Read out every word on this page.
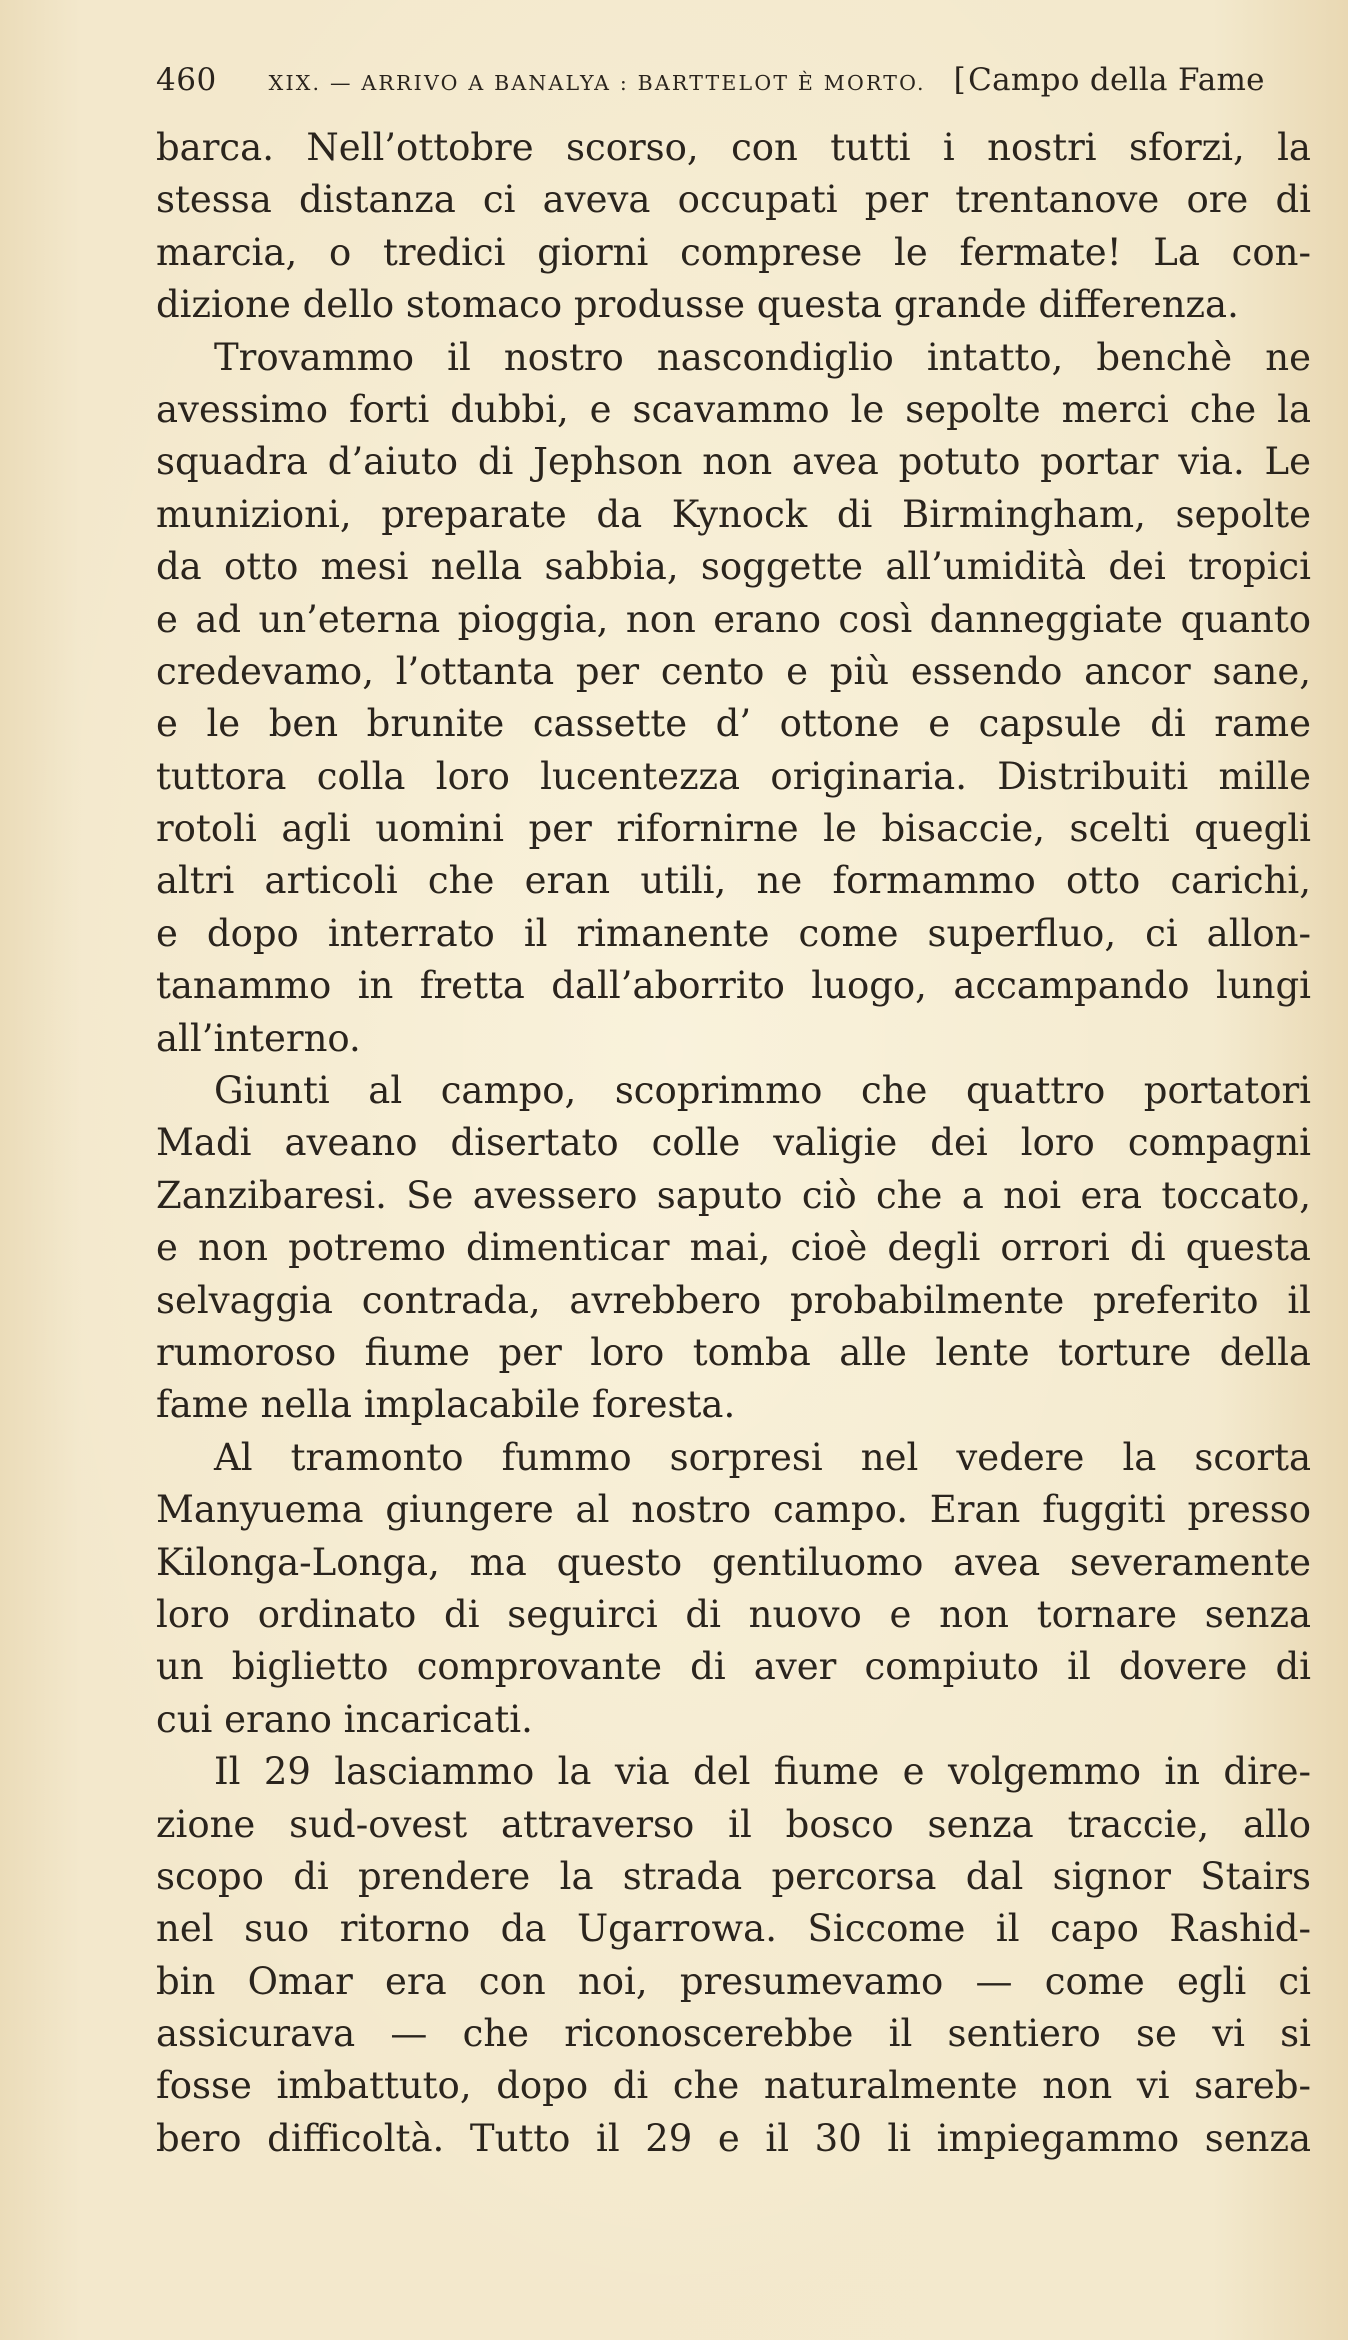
460	XIX. — ARRIVO A BANALYA : BARTTELOT È MORTO.
[	Campo della Fame
barca. Nell’ottobre scorso, con tutti i nostri sforzi, la
stessa distanza ci aveva occupati per trentanove ore di
marcia, o tredici giorni comprese le fermate! La con-
dizione dello stomaco produsse questa grande differenza.
Trovammo il nostro nascondiglio intatto, benchè ne
avessimo forti dubbi, e scavammo le sepolte merci che la
squadra d’aiuto di Jephson non avea potuto portar via. Le
munizioni, preparate da Kynock di Birmingham, sepolte
da otto mesi nella sabbia, soggette all’umidità dei tropici
e ad un’eterna pioggia, non erano così danneggiate quanto
credevamo, l’ottanta per cento e più essendo ancor sane,
e le ben brunite cassette d’ ottone e capsule di rame
tuttora colla loro lucentezza originaria. Distribuiti mille
rotoli agli uomini per rifornirne le bisaccie, scelti quegli
altri articoli che eran utili, ne formammo otto carichi,
e dopo interrato il rimanente come superfluo, ci allon-
tanammo in fretta dall’aborrito luogo, accampando lungi
all’interno.
Giunti al campo, scoprimmo che quattro portatori
Madi aveano disertato colle valigie dei loro compagni
Zanzibaresi. Se avessero saputo ciò che a noi era toccato,
e non potremo dimenticar mai, cioè degli orrori di questa
selvaggia contrada, avrebbero probabilmente preferito il
rumoroso fiume per loro tomba alle lente torture della
fame nella implacabile foresta.
Al tramonto fummo sorpresi nel vedere la scorta
Manyuema giungere al nostro campo. Eran fuggiti presso
Kilonga-Longa, ma questo gentiluomo avea severamente
loro ordinato di seguirci di nuovo e non tornare senza
un biglietto comprovante di aver compiuto il dovere di
cui erano incaricati.
Il 29 lasciammo la via del fiume e volgemmo in dire-
zione sud-ovest attraverso il bosco senza traccie, allo
scopo di prendere la strada percorsa dal signor Stairs
nel suo ritorno da Ugarrowa. Siccome il capo Rashid-
bin Omar era con noi, presumevamo — come egli ci
assicurava — che riconoscerebbe il sentiero se vi si
fosse imbattuto, dopo di che naturalmente non vi sareb-
bero difficoltà. Tutto il 29 e il 30 li impiegammo senza
